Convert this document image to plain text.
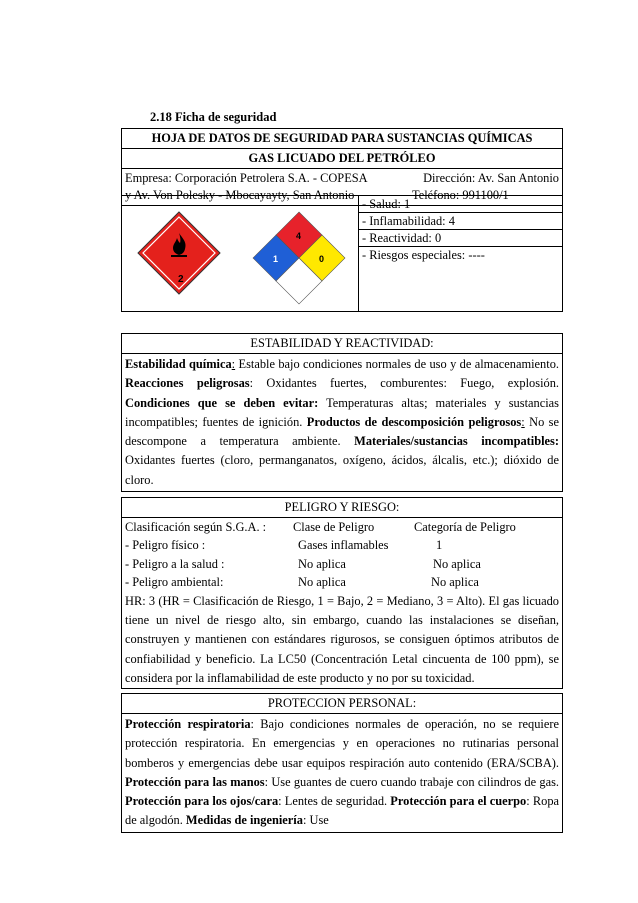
2.18 Ficha de seguridad
HOJA DE DATOS DE SEGURIDAD PARA SUSTANCIAS QUÍMICAS
GAS LICUADO DEL PETRÓLEO

Empresa: Corporación Petrolera S.A. - COPESA	Dirección: Av. San Antonio
y Av. Von Polesky - Mbocayayty, San Antonio	Teléfono: 991100/1
2
4
1	0

- Salud: 1
- Inflamabilidad: 4
- Reactividad: 0
- Riesgos especiales: ----
ESTABILIDAD Y REACTIVIDAD:
Estabilidad química: Estable bajo condiciones normales de uso y de almacenamiento. Reacciones peligrosas: Oxidantes fuertes, comburentes: Fuego, explosión. Condiciones que se deben evitar: Temperaturas altas; materiales y sustancias incompatibles; fuentes de ignición. Productos de descomposición peligrosos: No se descompone a temperatura ambiente. Materiales/sustancias incompatibles: Oxidantes fuertes (cloro, permanganatos, oxígeno, ácidos, álcalis, etc.); dióxido de cloro.
PELIGRO Y RIESGO:

Clasificación según S.G.A. :	Clase de Peligro	Categoría de Peligro
- Peligro físico :	Gases inflamables	1
- Peligro a la salud :	No aplica	No aplica
- Peligro ambiental:	No aplica	No aplica
HR: 3 (HR = Clasificación de Riesgo, 1 = Bajo, 2 = Mediano, 3 = Alto). El gas licuado tiene un nivel de riesgo alto, sin embargo, cuando las instalaciones se diseñan, construyen y mantienen con estándares rigurosos, se consiguen óptimos atributos de confiabilidad y beneficio. La LC50 (Concentración Letal cincuenta de 100 ppm), se considera por la inflamabilidad de este producto y no por su toxicidad.
PROTECCION PERSONAL:
Protección respiratoria: Bajo condiciones normales de operación, no se requiere protección respiratoria. En emergencias y en operaciones no rutinarias personal bomberos y emergencias debe usar equipos respiración auto contenido (ERA/SCBA). Protección para las manos: Use guantes de cuero cuando trabaje con cilindros de gas. Protección para los ojos/cara: Lentes de seguridad. Protección para el cuerpo: Ropa de algodón. Medidas de ingeniería: Use
